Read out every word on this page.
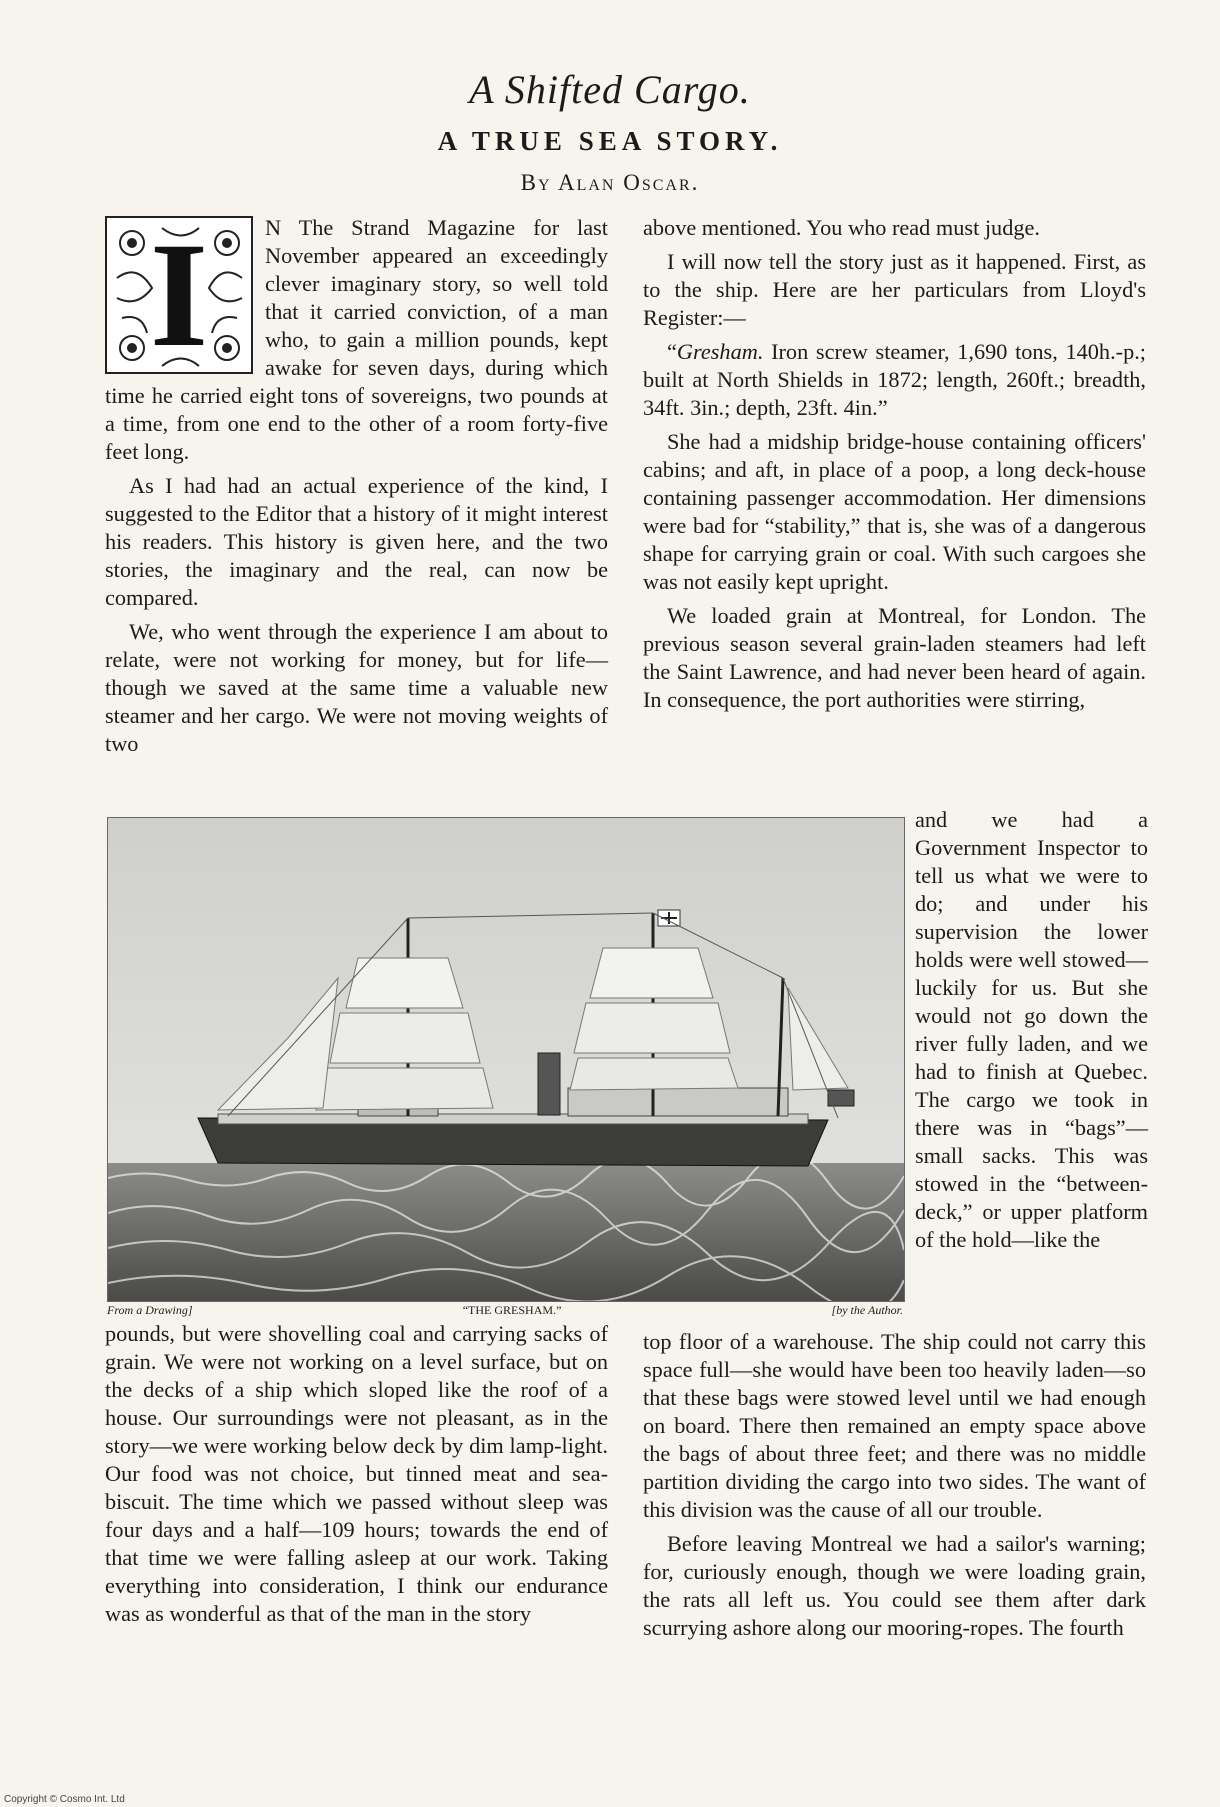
A Shifted Cargo.
A TRUE SEA STORY.
By Alan Oscar.

I	N The Strand Magazine for last November appeared an exceedingly clever imaginary story, so well told that it carried conviction, of a man who, to gain a million pounds, kept awake for seven days, during which time he carried eight tons of sovereigns, two pounds at a time, from one end to the other of a room forty-five feet long.

As I had had an actual experience of the kind, I suggested to the Editor that a history of it might interest his readers. This history is given here, and the two stories, the imaginary and the real, can now be compared.

We, who went through the experience I am about to relate, were not working for money, but for life—though we saved at the same time a valuable new steamer and her cargo. We were not moving weights of two

above mentioned. You who read must judge.

I will now tell the story just as it happened. First, as to the ship. Here are her particulars from Lloyd's Register:—

“Gresham. Iron screw steamer, 1,690 tons, 140h.-p.; built at North Shields in 1872; length, 260ft.; breadth, 34ft. 3in.; depth, 23ft. 4in.”

She had a midship bridge-house containing officers' cabins; and aft, in place of a poop, a long deck-house containing passenger accommodation. Her dimensions were bad for “stability,” that is, she was of a dangerous shape for carrying grain or coal. With such cargoes she was not easily kept upright.

We loaded grain at Montreal, for London. The previous season several grain-laden steamers had left the Saint Lawrence, and had never been heard of again. In consequence, the port authorities were stirring,

and we had a Government Inspector to tell us what we were to do; and under his supervision the lower holds were well stowed—luckily for us. But she would not go down the river fully laden, and we had to finish at Quebec. The cargo we took in there was in “bags”—small sacks. This was stowed in the “between-deck,” or upper platform of the hold—like the

From a Drawing]	“THE GRESHAM.”	[by the Author.

pounds, but were shovelling coal and carrying sacks of grain. We were not working on a level surface, but on the decks of a ship which sloped like the roof of a house. Our surroundings were not pleasant, as in the story—we were working below deck by dim lamp-light. Our food was not choice, but tinned meat and sea-biscuit. The time which we passed without sleep was four days and a half—109 hours; towards the end of that time we were falling asleep at our work. Taking everything into consideration, I think our endurance was as wonderful as that of the man in the story

top floor of a warehouse. The ship could not carry this space full—she would have been too heavily laden—so that these bags were stowed level until we had enough on board. There then remained an empty space above the bags of about three feet; and there was no middle partition dividing the cargo into two sides. The want of this division was the cause of all our trouble.

Before leaving Montreal we had a sailor's warning; for, curiously enough, though we were loading grain, the rats all left us. You could see them after dark scurrying ashore along our mooring-ropes. The fourth

Copyright © Cosmo Int. Ltd
